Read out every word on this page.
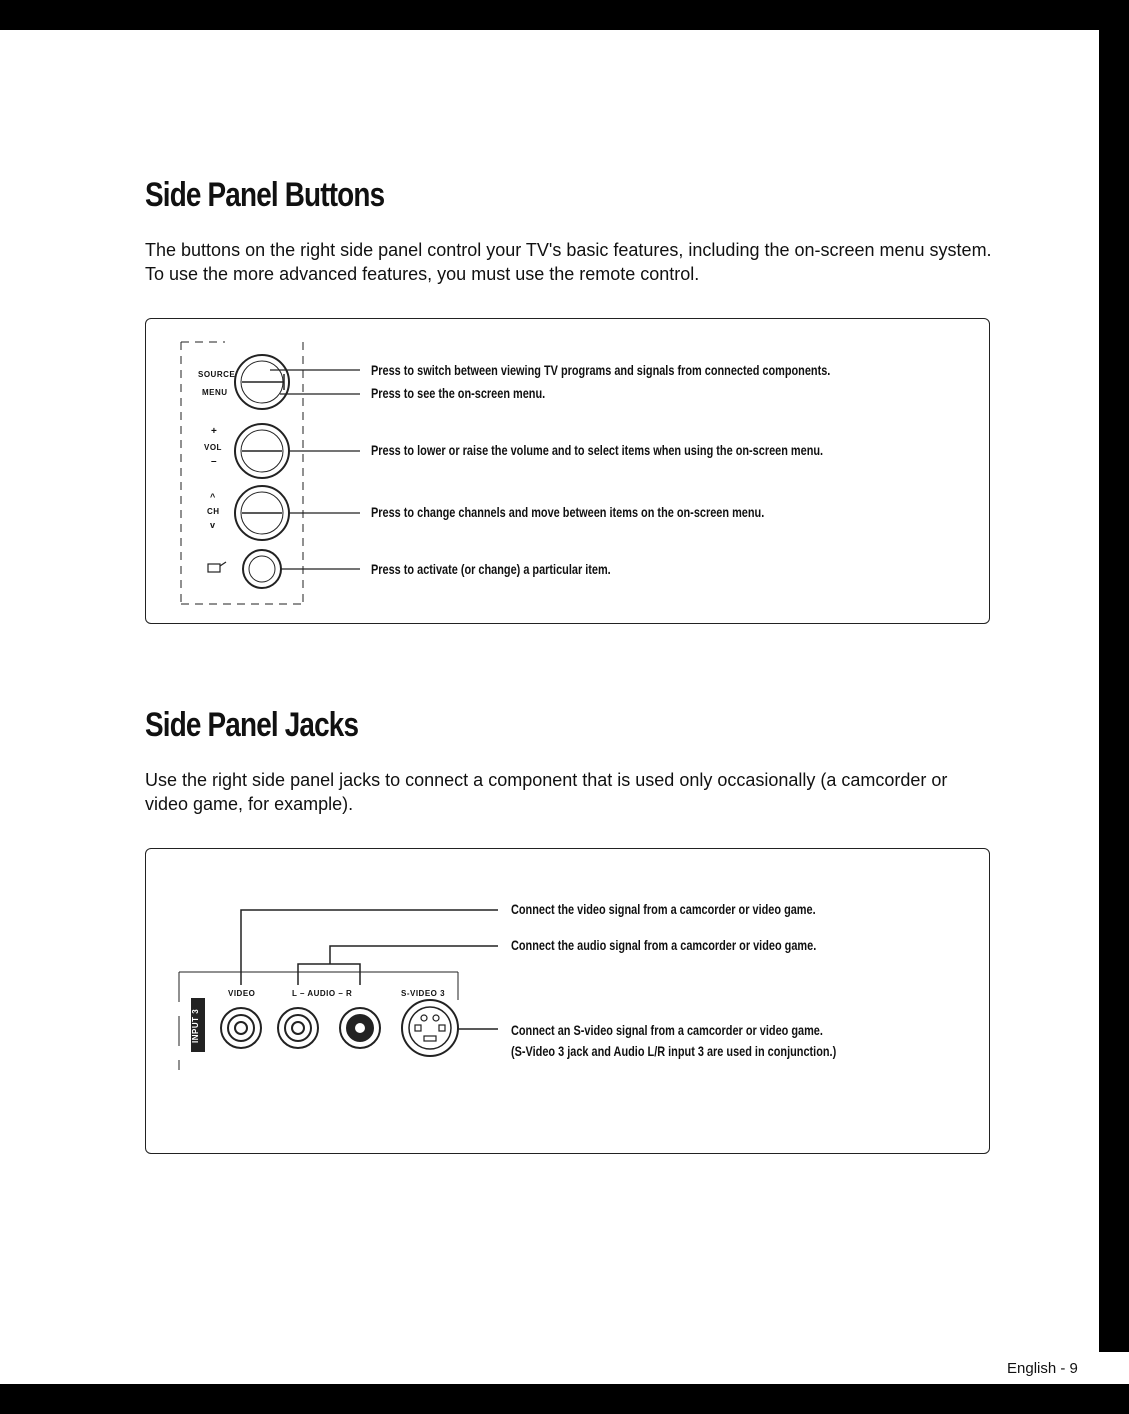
Side Panel Buttons

The buttons on the right side panel control your TV's basic features, including the on-screen menu system. To use the more advanced features, you must use the remote control.

SOURCE
MENU
+
VOL
–
^
CH
v

Press to switch between viewing TV programs and signals from connected components.

Press to see the on-screen menu.

Press to lower or raise the volume and to select items when using the on-screen menu.

Press to change channels and move between items on the on-screen menu.

Press to activate (or change) a particular item.

Side Panel Jacks

Use the right side panel jacks to connect a component that is used only occasionally (a camcorder or video game, for example).

INPUT 3
VIDEO	L – AUDIO – R	S-VIDEO 3

Connect the video signal from a camcorder or video game.

Connect the audio signal from a camcorder or video game.

Connect an S-video signal from a camcorder or video game.

(S-Video 3 jack and Audio L/R input 3 are used in conjunction.)

English - 9
